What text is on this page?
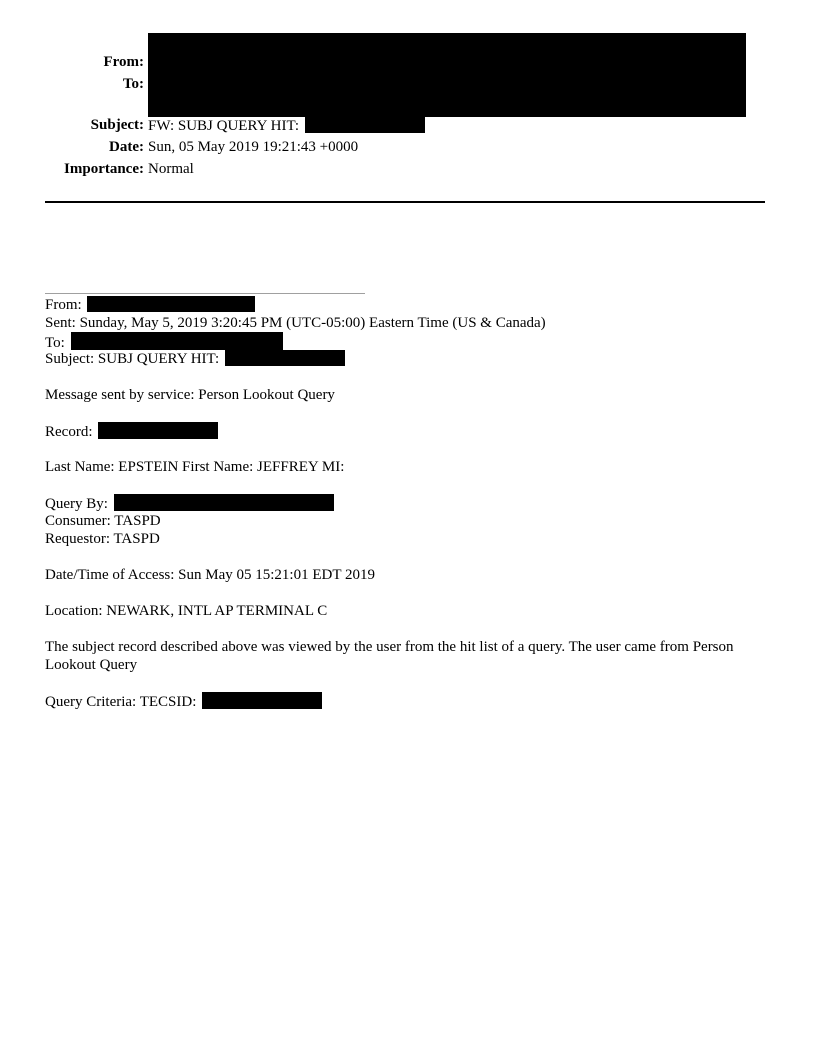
From:
To:
Subject: FW: SUBJ QUERY HIT:
Date: Sun, 05 May 2019 19:21:43 +0000
Importance: Normal
From:
Sent: Sunday, May 5, 2019 3:20:45 PM (UTC-05:00) Eastern Time (US & Canada)
To:
Subject: SUBJ QUERY HIT:
Message sent by service: Person Lookout Query
Record:
Last Name: EPSTEIN First Name: JEFFREY MI:
Query By:
Consumer: TASPD
Requestor: TASPD
Date/Time of Access: Sun May 05 15:21:01 EDT 2019
Location: NEWARK, INTL AP TERMINAL C
The subject record described above was viewed by the user from the hit list of a query. The user came from Person Lookout Query
Query Criteria: TECSID:
